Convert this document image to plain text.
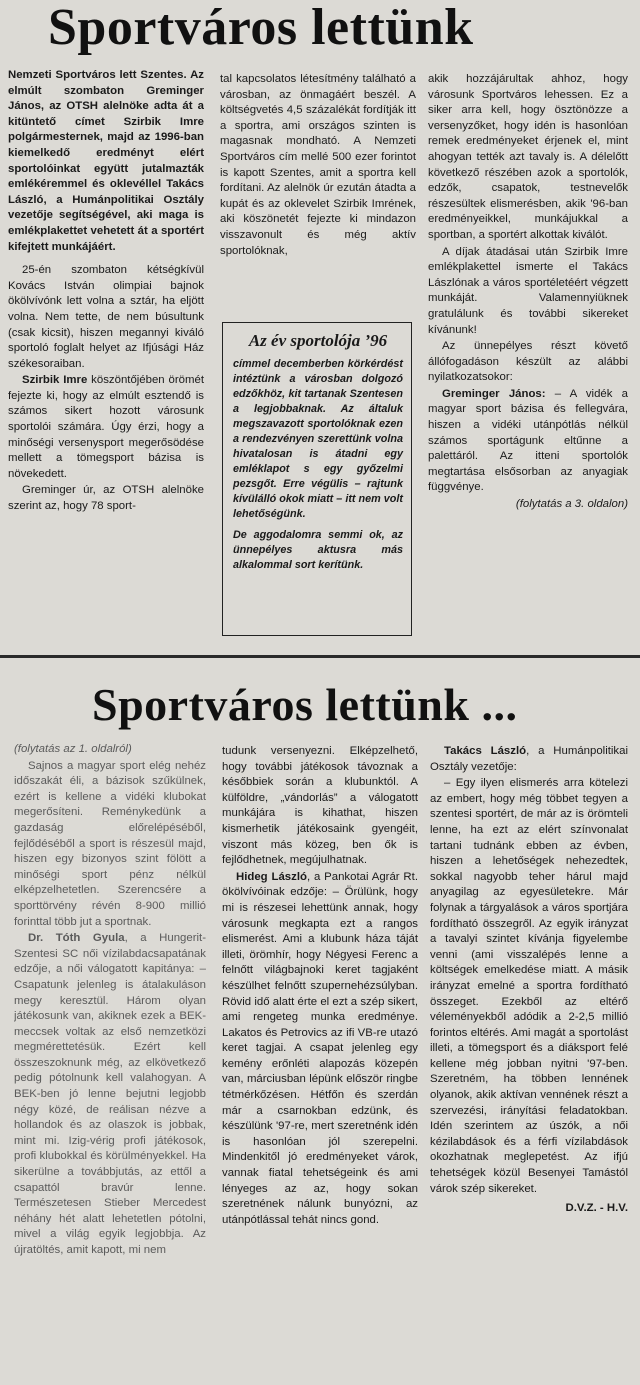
Sportváros lettünk

Nemzeti Sportváros lett Szentes. Az elmúlt szombaton Greminger János, az OTSH alelnöke adta át a kitüntető címet Szirbik Imre polgármesternek, majd az 1996-ban kiemelkedő eredményt elért sportolóinkat együtt jutalmazták emlékéremmel és oklevéllel Takács László, a Humánpolitikai Osztály vezetője segítségével, aki maga is emlékplakettet vehetett át a sportért kifejtett munkájáért.

25-én szombaton kétségkívül Kovács István olimpiai bajnok ökölvívónk lett volna a sztár, ha eljött volna. Nem tette, de nem búsultunk (csak kicsit), hiszen megannyi kiváló sportoló foglalt helyet az Ifjúsági Ház székesoraiban.

Szirbik Imre köszöntőjében örömét fejezte ki, hogy az elmúlt esztendő is számos sikert hozott városunk sportolói számára. Úgy érzi, hogy a minőségi versenysport megerősödése mellett a tömegsport bázisa is növekedett.

Greminger úr, az OTSH alelnöke szerint az, hogy 78 sport-

tal kapcsolatos létesítmény található a városban, az önmagáért beszél. A költségvetés 4,5 százalékát fordítják itt a sportra, ami országos szinten is magasnak mondható. A Nemzeti Sportváros cím mellé 500 ezer forintot is kapott Szentes, amit a sportra kell fordítani. Az alelnök úr ezután átadta a kupát és az oklevelet Szirbik Imrének, aki köszönetét fejezte ki mindazon visszavonult és még aktív sportolóknak,

Az év sportolója ’96

címmel decemberben körkérdést intéztünk a városban dolgozó edzőkhöz, kit tartanak Szentesen a legjobbaknak. Az általuk megszavazott sportolóknak ezen a rendezvényen szerettünk volna hivatalosan is átadni egy emléklapot s egy győzelmi pezsgőt. Erre végülis – rajtunk kívülálló okok miatt – itt nem volt lehetőségünk.

De aggodalomra semmi ok, az ünnepélyes aktusra más alkalommal sort kerítünk.

akik hozzájárultak ahhoz, hogy városunk Sportváros lehessen. Ez a siker arra kell, hogy ösztönözze a versenyzőket, hogy idén is hasonlóan remek eredményeket érjenek el, mint ahogyan tették azt tavaly is. A délelőtt következő részében azok a sportolók, edzők, csapatok, testnevelők részesültek elismerésben, akik '96-ban eredményeikkel, munkájukkal a sportban, a sportért alkottak kiválót.

A díjak átadásai után Szirbik Imre emlékplakettel ismerte el Takács Lászlónak a város sportéletéért végzett munkáját. Valamennyiüknek gratulálunk és további sikereket kívánunk!

Az ünnepélyes részt követő állófogadáson készült az alábbi nyilatkozatsokor:

Greminger János: – A vidék a magyar sport bázisa és fellegvára, hiszen a vidéki utánpótlás nélkül számos sportágunk eltűnne a palettáról. Az itteni sportolók megtartása elsősorban az anyagiak függvénye.

(folytatás a 3. oldalon)

Sportváros lettünk ...

(folytatás az 1. oldalról)

Sajnos a magyar sport elég nehéz időszakát éli, a bázisok szűkülnek, ezért is kellene a vidéki klubokat megerősíteni. Reménykedünk a gazdaság előrelépéséből, fejlődéséből a sport is részesül majd, hiszen egy bizonyos szint fölött a minőségi sport pénz nélkül elképzelhetetlen. Szerencsére a sporttörvény révén 8-900 millió forinttal több jut a sportnak.

Dr. Tóth Gyula, a Hungerit-Szentesi SC női vízilabdacsapatának edzője, a női válogatott kapitánya: – Csapatunk jelenleg is átalakuláson megy keresztül. Három olyan játékosunk van, akiknek ezek a BEK-meccsek voltak az első nemzetközi megmérettetésük. Ezért kell összeszoknunk még, az elkövetkező pedig pótolnunk kell valahogyan. A BEK-ben jó lenne bejutni legjobb négy közé, de reálisan nézve a hollandok és az olaszok is jobbak, mint mi. Izig-vérig profi játékosok, profi klubokkal és körülményekkel. Ha sikerülne a továbbjutás, az ettől a csapattól bravúr lenne. Természetesen Stieber Mercedest néhány hét alatt lehetetlen pótolni, mivel a világ egyik legjobbja. Az újratöltés, amit kapott, mi nem

tudunk versenyezni. Elképzelhető, hogy további játékosok távoznak a későbbiek során a klubunktól. A külföldre, „vándorlás” a válogatott munkájára is kihathat, hiszen kismerhetik játékosaink gyengéit, viszont más közeg, ben ők is fejlődhetnek, megújulhatnak.

Hideg László, a Pankotai Agrár Rt. ökölvívóinak edzője: – Örülünk, hogy mi is részesei lehettünk annak, hogy városunk megkapta ezt a rangos elismerést. Ami a klubunk háza táját illeti, örömhír, hogy Négyesi Ferenc a felnőtt világbajnoki keret tagjaként készülhet felnőtt szupernehézsúlyban. Rövid idő alatt érte el ezt a szép sikert, ami rengeteg munka eredménye. Lakatos és Petrovics az ifi VB-re utazó keret tagjai. A csapat jelenleg egy kemény erőnléti alapozás közepén van, márciusban lépünk először ringbe tétmérkőzésen. Hétfőn és szerdán már a csarnokban edzünk, és készülünk '97-re, mert szeretnénk idén is hasonlóan jól szerepelni. Mindenkitől jó eredményeket várok, vannak fiatal tehetségeink és ami lényeges az az, hogy sokan szeretnének nálunk bunyózni, az utánpótlással tehát nincs gond.

Takács László, a Humánpolitikai Osztály vezetője:

– Egy ilyen elismerés arra kötelezi az embert, hogy még többet tegyen a szentesi sportért, de már az is örömteli lenne, ha ezt az elért színvonalat tartani tudnánk ebben az évben, hiszen a lehetőségek nehezedtek, sokkal nagyobb teher hárul majd anyagilag az egyesületekre. Már folynak a tárgyalások a város sportjára fordítható összegről. Az egyik irányzat a tavalyi szintet kívánja figyelembe venni (ami visszalépés lenne a költségek emelkedése miatt. A másik irányzat emelné a sportra fordítható összeget. Ezekből az eltérő véleményekből adódik a 2-2,5 millió forintos eltérés. Ami magát a sportolást illeti, a tömegsport és a diáksport felé kellene még jobban nyitni '97-ben. Szeretném, ha többen lennének olyanok, akik aktívan vennének részt a szervezési, irányítási feladatokban. Idén szerintem az úszók, a női kézilabdások és a férfi vízilabdások okozhatnak meglepetést. Az ifjú tehetségek közül Besenyei Tamástól várok szép sikereket.

D.V.Z. - H.V.
